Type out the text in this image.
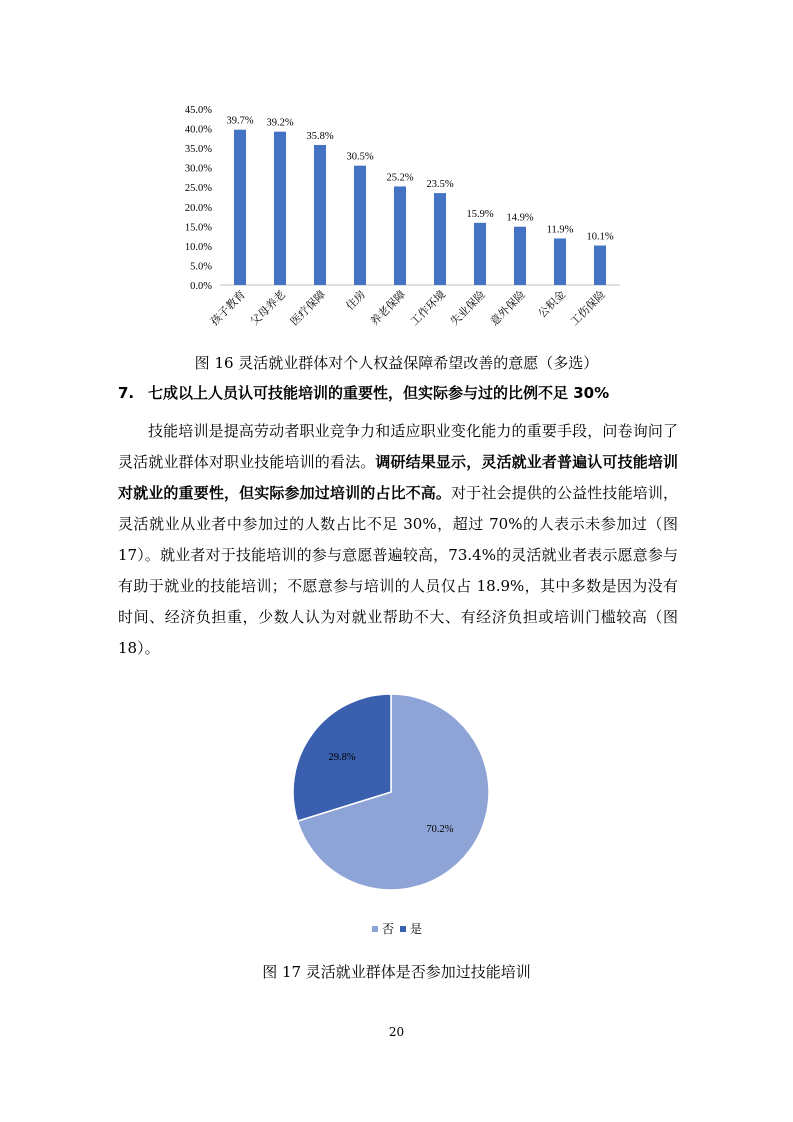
0.0%
5.0%
10.0%
15.0%
20.0%
25.0%
30.0%
35.0%
40.0%
45.0%
39.7%
孩子教育
39.2%
父母养老
35.8%
医疗保障
30.5%
住房
25.2%
养老保障
23.5%
工作环境
15.9%
失业保险
14.9%
意外保险
11.9%
公积金
10.1%
工伤保险
图 16 灵活就业群体对个人权益保障希望改善的意愿（多选）
7. 七成以上人员认可技能培训的重要性，但实际参与过的比例不足 30%

技能培训是提高劳动者职业竞争力和适应职业变化能力的重要手段，问卷询问了灵活就业群体对职业技能培训的看法。调研结果显示，灵活就业者普遍认可技能培训对就业的重要性，但实际参加过培训的占比不高。对于社会提供的公益性技能培训，灵活就业从业者中参加过的人数占比不足 30%，超过 70%的人表示未参加过（图 17）。就业者对于技能培训的参与意愿普遍较高，73.4%的灵活就业者表示愿意参与有助于就业的技能培训；不愿意参与培训的人员仅占 18.9%，其中多数是因为没有时间、经济负担重，少数人认为对就业帮助不大、有经济负担或培训门槛较高（图 18）。

70.2%
29.8%
否 是
图 17 灵活就业群体是否参加过技能培训
20
